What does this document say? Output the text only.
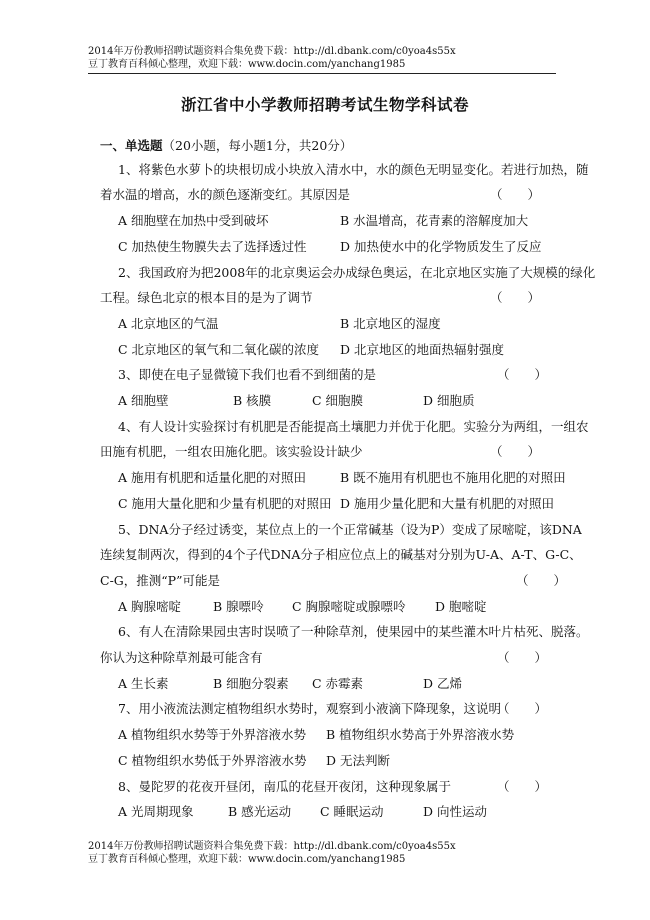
2014年万份教师招聘试题资料合集免费下载：http://dl.dbank.com/c0yoa4s55x
豆丁教育百科倾心整理，欢迎下载：www.docin.com/yanchang1985
浙江省中小学教师招聘考试生物学科试卷
一、单选题（20小题，每小题1分，共20分）
1、将紫色水萝卜的块根切成小块放入清水中，水的颜色无明显变化。若进行加热，随
着水温的增高，水的颜色逐渐变红。其原因是	（　　）
A 细胞壁在加热中受到破坏	B 水温增高，花青素的溶解度加大
C 加热使生物膜失去了选择透过性	D 加热使水中的化学物质发生了反应
2、我国政府为把2008年的北京奥运会办成绿色奥运，在北京地区实施了大规模的绿化
工程。绿色北京的根本目的是为了调节	（　　）
A 北京地区的气温	B 北京地区的湿度
C 北京地区的氧气和二氧化碳的浓度 D 北京地区的地面热辐射强度
3、即使在电子显微镜下我们也看不到细菌的是	（　　）
A 细胞壁	B 核膜	C 细胞膜	D 细胞质
4、有人设计实验探讨有机肥是否能提高土壤肥力并优于化肥。实验分为两组，一组农
田施有机肥，一组农田施化肥。该实验设计缺少	（　　）
A 施用有机肥和适量化肥的对照田	B 既不施用有机肥也不施用化肥的对照田
C 施用大量化肥和少量有机肥的对照田 D 施用少量化肥和大量有机肥的对照田
5、DNA分子经过诱变，某位点上的一个正常碱基（设为P）变成了尿嘧啶，该DNA
连续复制两次，得到的4个子代DNA分子相应位点上的碱基对分别为U-A、A-T、G-C、
C-G，推测“P”可能是	（　　）
A 胸腺嘧啶	B 腺嘌呤 C 胸腺嘧啶或腺嘌呤 D 胞嘧啶
6、有人在清除果园虫害时误喷了一种除草剂，使果园中的某些灌木叶片枯死、脱落。
你认为这种除草剂最可能含有	（　　）
A 生长素	B 细胞分裂素 C 赤霉素	D 乙烯
7、用小液流法测定植物组织水势时，观察到小液滴下降现象，这说明
（　　）
A 植物组织水势等于外界溶液水势 B 植物组织水势高于外界溶液水势
C 植物组织水势低于外界溶液水势 D 无法判断
8、曼陀罗的花夜开昼闭，南瓜的花昼开夜闭，这种现象属于	（　　）
A 光周期现象	B 感光运动 C 睡眠运动	D 向性运动
2014年万份教师招聘试题资料合集免费下载：http://dl.dbank.com/c0yoa4s55x
豆丁教育百科倾心整理，欢迎下载：www.docin.com/yanchang1985
